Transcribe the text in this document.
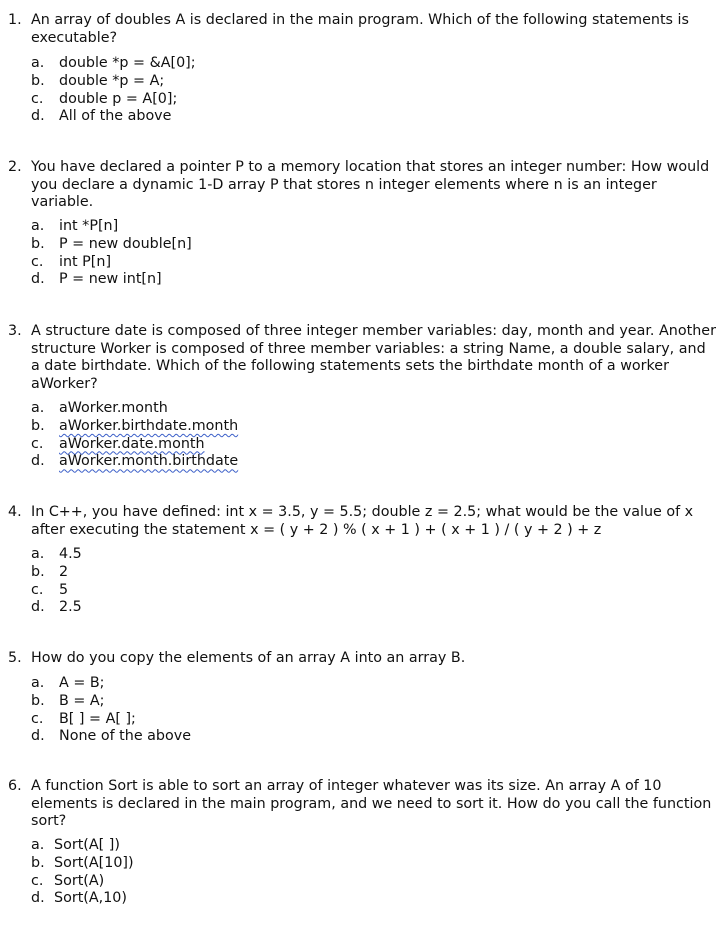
1. An array of doubles A is declared in the main program. Which of the following statements is executable?
a.	double *p = &A[0];
b.	double *p = A;
c.	double p = A[0];
d.	All of the above
2. You have declared a pointer P to a memory location that stores an integer number: How would you declare a dynamic 1-D array P that stores n integer elements where n is an integer variable.
a.	int *P[n]
b.	P = new double[n]
c.	int P[n]
d.	P = new int[n]
3. A structure date is composed of three integer member variables: day, month and year. Another structure Worker is composed of three member variables: a string Name, a double salary, and a date birthdate. Which of the following statements sets the birthdate month of a worker aWorker?
a.	aWorker.month
b.	aWorker.birthdate.month
c.	aWorker.date.month
d.	aWorker.month.birthdate
4. In C++, you have defined: int x = 3.5, y = 5.5; double z = 2.5; what would be the value of x after executing the statement x = ( y + 2 ) % ( x + 1 ) + ( x + 1 ) / ( y + 2 ) + z
a.	4.5
b.	2
c.	5
d.	2.5
5. How do you copy the elements of an array A into an array B.
a.	A = B;
b.	B = A;
c.	B[ ] = A[ ];
d.	None of the above
6. A function Sort is able to sort an array of integer whatever was its size. An array A of 10 elements is declared in the main program, and we need to sort it. How do you call the function sort?
a. Sort(A[ ])
b. Sort(A[10])
c. Sort(A)
d. Sort(A,10)
